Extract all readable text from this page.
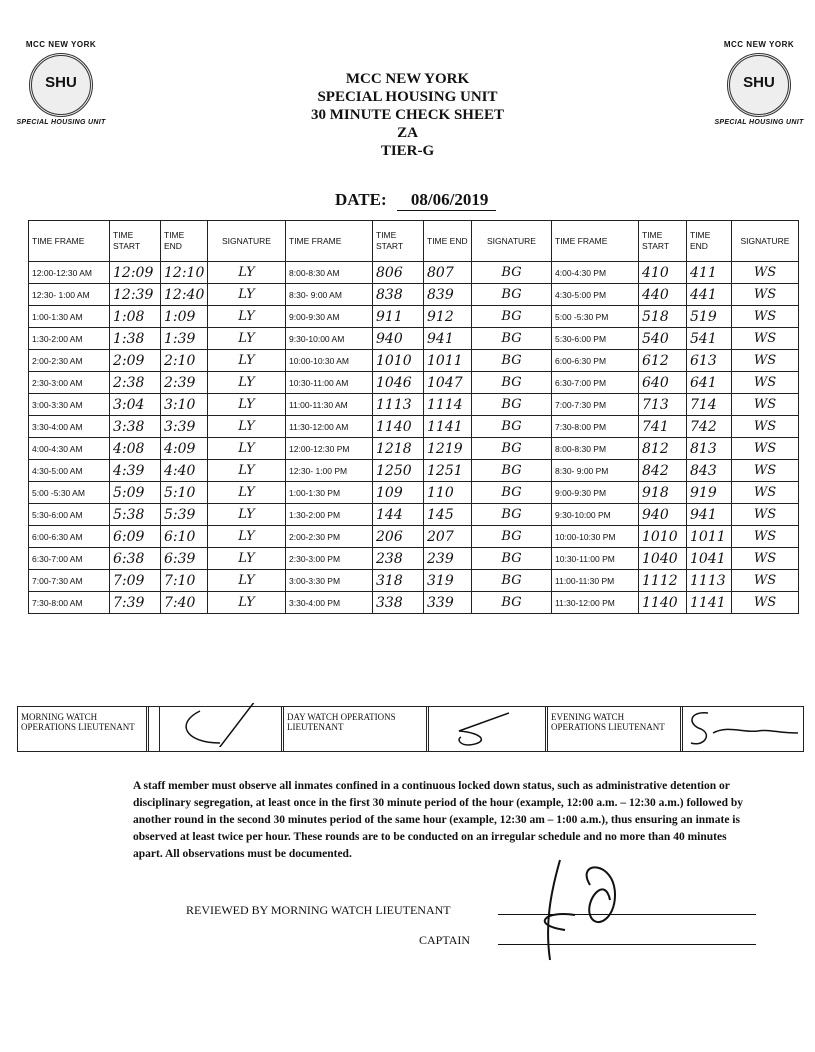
MCC NEW YORK
SHU
SPECIAL HOUSING UNIT
MCC NEW YORK
SHU
SPECIAL HOUSING UNIT
MCC NEW YORK
SPECIAL HOUSING UNIT
30 MINUTE CHECK SHEET
ZA
TIER-G
DATE: 08/06/2019
TIME FRAME	TIME START	TIME END	SIGNATURE	TIME FRAME	TIME START	TIME END	SIGNATURE	TIME FRAME	TIME START	TIME END	SIGNATURE
12:00-12:30 AM	12:09	12:10	LY	8:00-8:30 AM	806	807	BG	4:00-4:30 PM	410	411	WS
12:30- 1:00 AM	12:39	12:40	LY	8:30- 9:00 AM	838	839	BG	4:30-5:00 PM	440	441	WS
1:00-1:30 AM	1:08	1:09	LY	9:00-9:30 AM	911	912	BG	5:00 -5:30 PM	518	519	WS
1:30-2:00 AM	1:38	1:39	LY	9:30-10:00 AM	940	941	BG	5:30-6:00 PM	540	541	WS
2:00-2:30 AM	2:09	2:10	LY	10:00-10:30 AM	1010	1011	BG	6:00-6:30 PM	612	613	WS
2:30-3:00 AM	2:38	2:39	LY	10:30-11:00 AM	1046	1047	BG	6:30-7:00 PM	640	641	WS
3:00-3:30 AM	3:04	3:10	LY	11:00-11:30 AM	1113	1114	BG	7:00-7:30 PM	713	714	WS
3:30-4:00 AM	3:38	3:39	LY	11:30-12:00 AM	1140	1141	BG	7:30-8:00 PM	741	742	WS
4:00-4:30 AM	4:08	4:09	LY	12:00-12:30 PM	1218	1219	BG	8:00-8:30 PM	812	813	WS
4:30-5:00 AM	4:39	4:40	LY	12:30- 1:00 PM	1250	1251	BG	8:30- 9:00 PM	842	843	WS
5:00 -5:30 AM	5:09	5:10	LY	1:00-1:30 PM	109	110	BG	9:00-9:30 PM	918	919	WS
5:30-6:00 AM	5:38	5:39	LY	1:30-2:00 PM	144	145	BG	9:30-10:00 PM	940	941	WS
6:00-6:30 AM	6:09	6:10	LY	2:00-2:30 PM	206	207	BG	10:00-10:30 PM	1010	1011	WS
6:30-7:00 AM	6:38	6:39	LY	2:30-3:00 PM	238	239	BG	10:30-11:00 PM	1040	1041	WS
7:00-7:30 AM	7:09	7:10	LY	3:00-3:30 PM	318	319	BG	11:00-11:30 PM	1112	1113	WS
7:30-8:00 AM	7:39	7:40	LY	3:30-4:00 PM	338	339	BG	11:30-12:00 PM	1140	1141	WS
MORNING WATCH OPERATIONS LIEUTENANT
DAY WATCH OPERATIONS LIEUTENANT
EVENING WATCH OPERATIONS LIEUTENANT
A staff member must observe all inmates confined in a continuous locked down status, such as administrative detention or disciplinary segregation, at least once in the first 30 minute period of the hour (example, 12:00 a.m. – 12:30 a.m.) followed by another round in the second 30 minutes period of the same hour (example, 12:30 am – 1:00 a.m.), thus ensuring an inmate is observed at least twice per hour. These rounds are to be conducted on an irregular schedule and no more than 40 minutes apart. All observations must be documented.
REVIEWED BY MORNING WATCH LIEUTENANT
CAPTAIN
